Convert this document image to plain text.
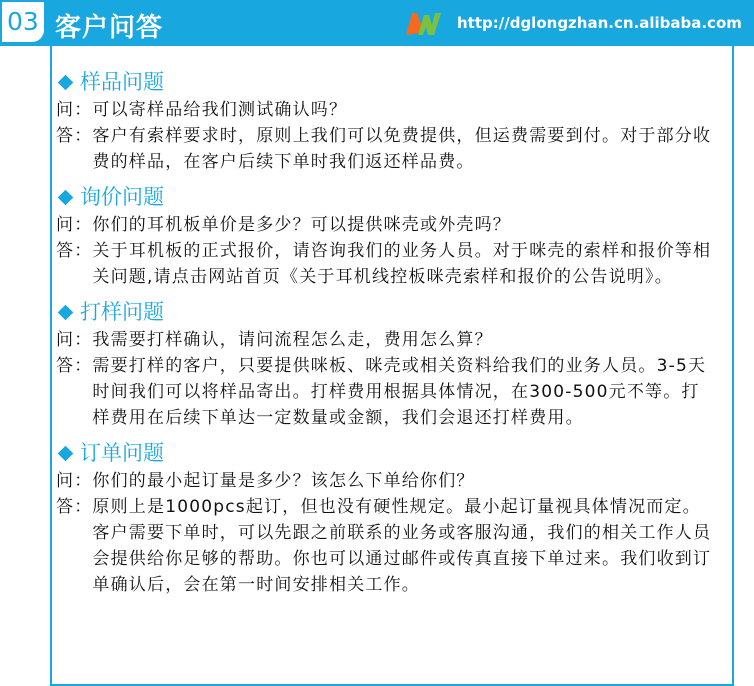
03 客户问答	http://dglongzhan.cn.alibaba.com
样品问题
问：可以寄样品给我们测试确认吗？
答： 客户有索样要求时，原则上我们可以免费提供，但运费需要到付。对于部分收费的样品，在客户后续下单时我们返还样品费。
询价问题
问：你们的耳机板单价是多少？可以提供咪壳或外壳吗？
答： 关于耳机板的正式报价，请咨询我们的业务人员。对于咪壳的索样和报价等相关问题,请点击网站首页《关于耳机线控板咪壳索样和报价的公告说明》。
打样问题
问：我需要打样确认，请问流程怎么走，费用怎么算？
答： 需要打样的客户，只要提供咪板、咪壳或相关资料给我们的业务人员。3-5天时间我们可以将样品寄出。打样费用根据具体情况，在300-500元不等。打样费用在后续下单达一定数量或金额，我们会退还打样费用。
订单问题
问：你们的最小起订量是多少？该怎么下单给你们？
答： 原则上是1000pcs起订，但也没有硬性规定。最小起订量视具体情况而定。客户需要下单时，可以先跟之前联系的业务或客服沟通，我们的相关工作人员会提供给你足够的帮助。你也可以通过邮件或传真直接下单过来。我们收到订单确认后，会在第一时间安排相关工作。
